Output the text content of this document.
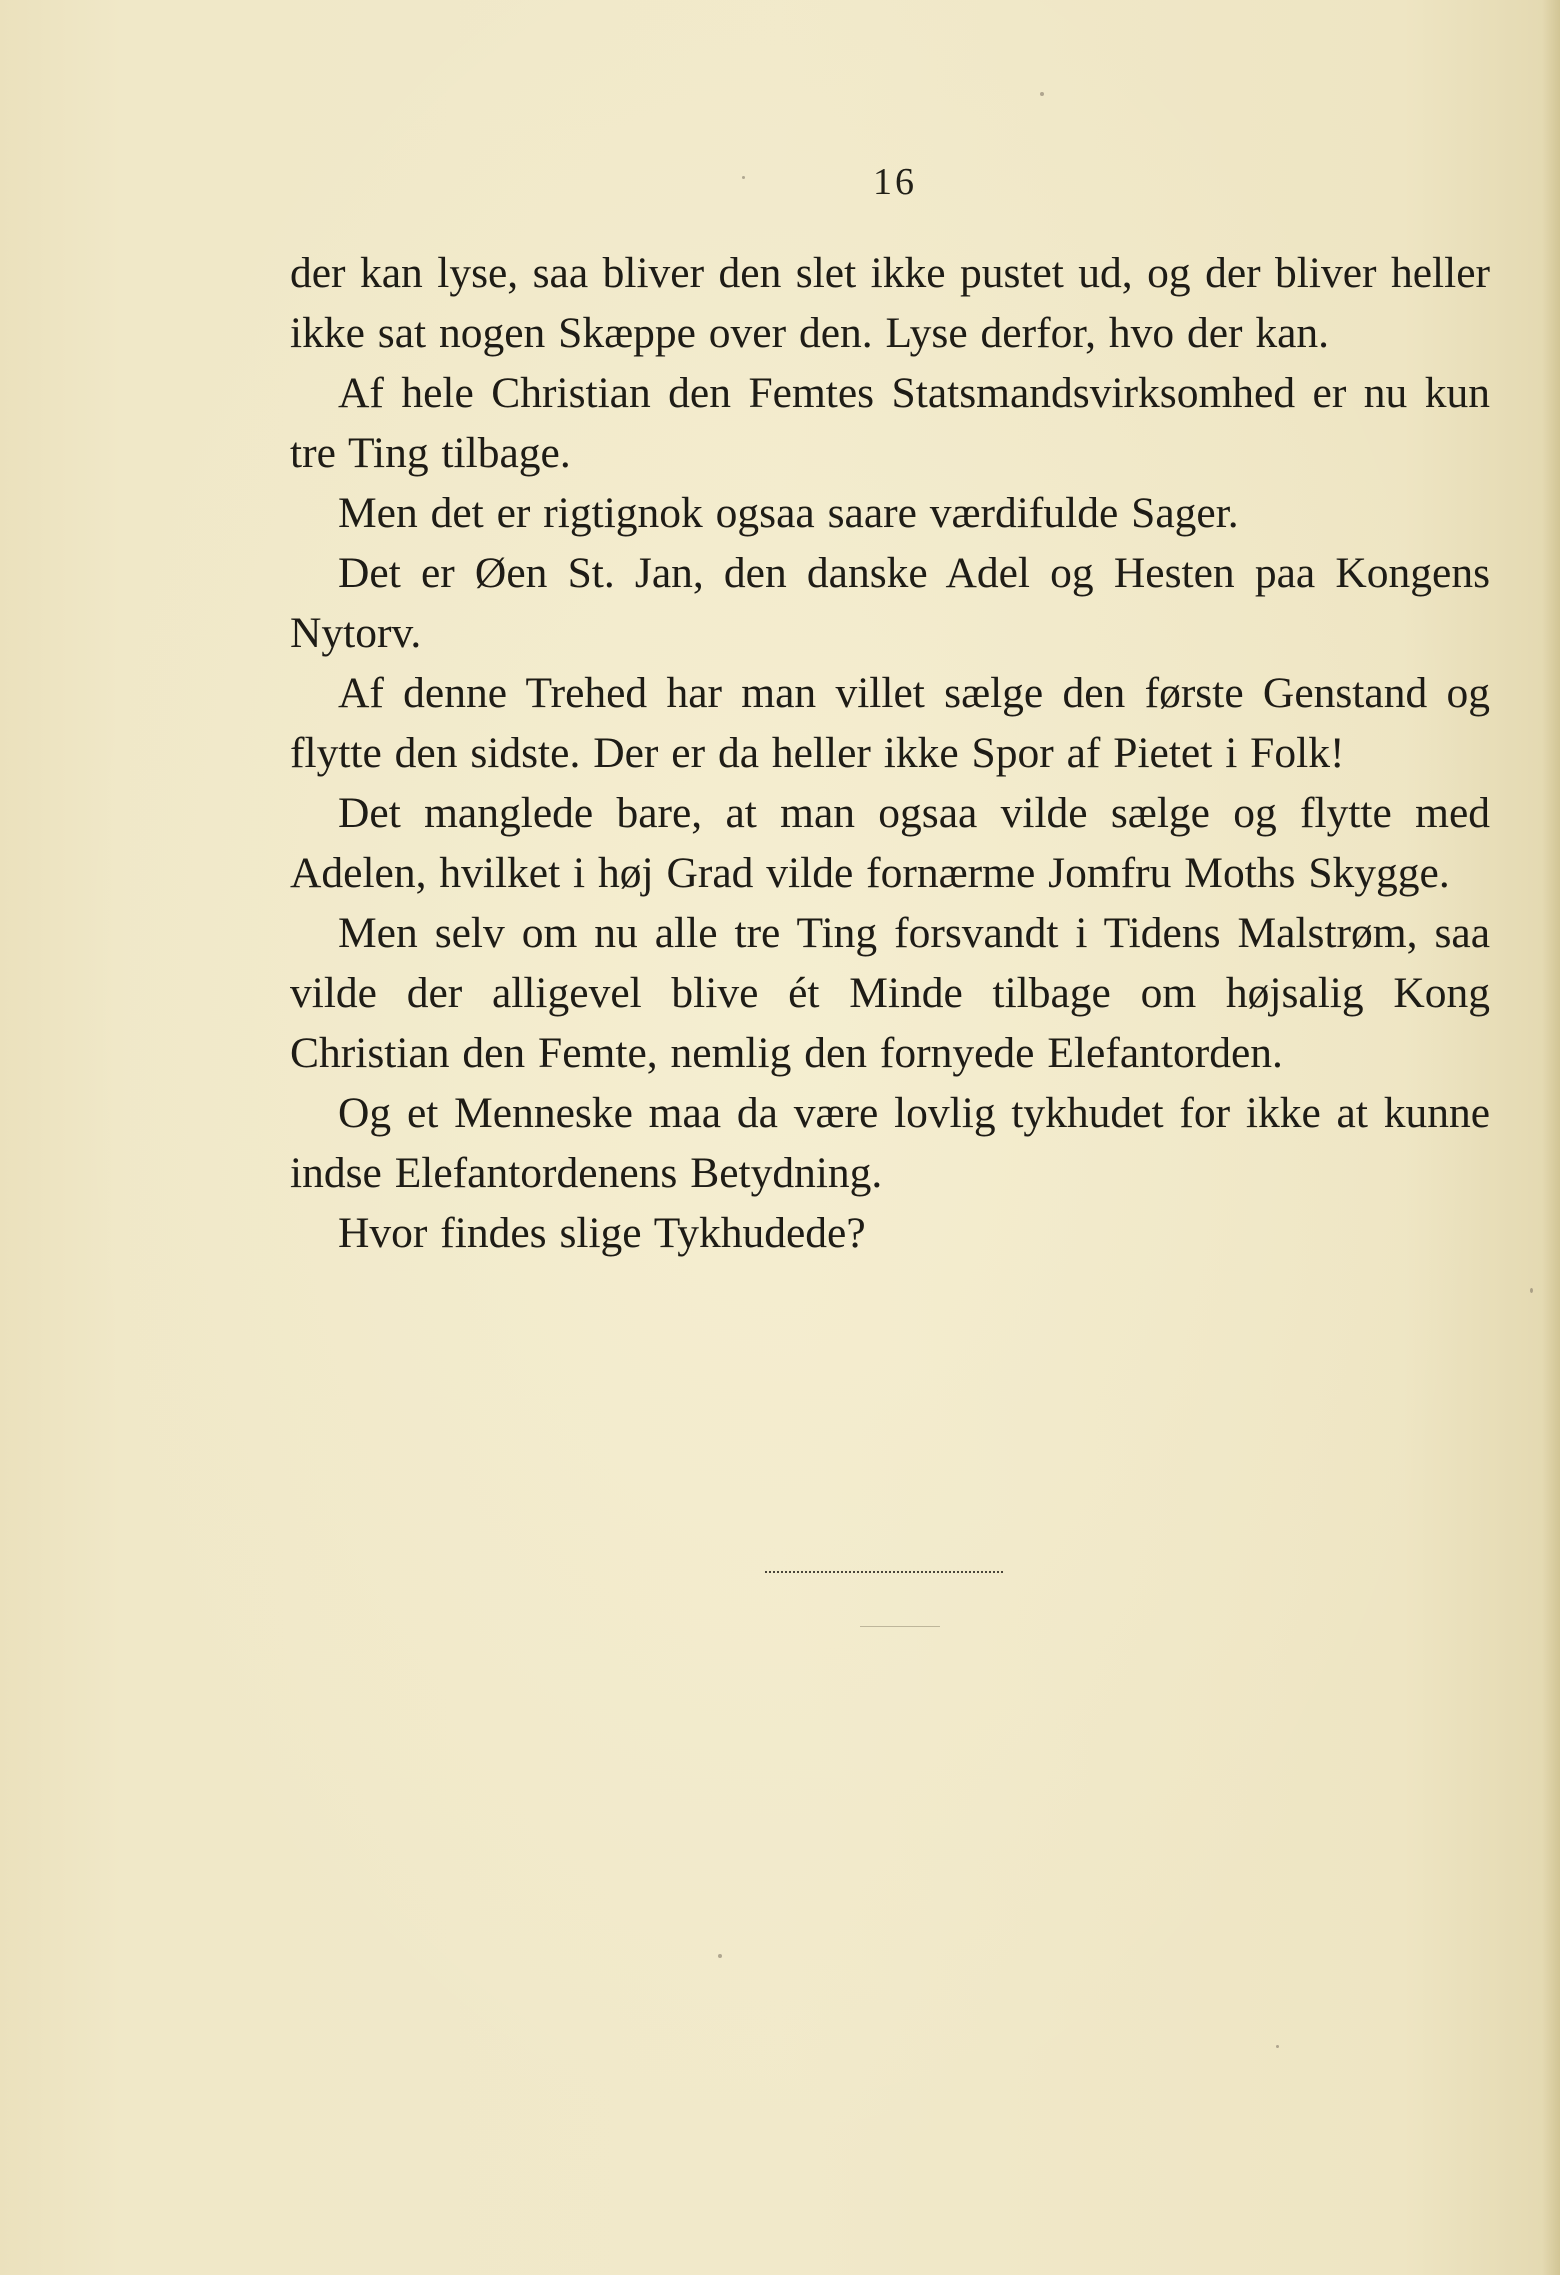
16

der kan lyse, saa bliver den slet ikke pustet ud, og der bliver heller ikke sat nogen Skæppe over den. Lyse derfor, hvo der kan.

Af hele Christian den Femtes Statsmandsvirksomhed er nu kun tre Ting tilbage.

Men det er rigtignok ogsaa saare værdifulde Sager.

Det er Øen St. Jan, den danske Adel og Hesten paa Kongens Nytorv.

Af denne Trehed har man villet sælge den første Genstand og flytte den sidste. Der er da heller ikke Spor af Pietet i Folk!

Det manglede bare, at man ogsaa vilde sælge og flytte med Adelen, hvilket i høj Grad vilde fornærme Jomfru Moths Skygge.

Men selv om nu alle tre Ting forsvandt i Tidens Malstrøm, saa vilde der alligevel blive ét Minde tilbage om højsalig Kong Christian den Femte, nemlig den fornyede Elefantorden.

Og et Menneske maa da være lovlig tykhudet for ikke at kunne indse Elefantordenens Betydning.

Hvor findes slige Tykhudede?
